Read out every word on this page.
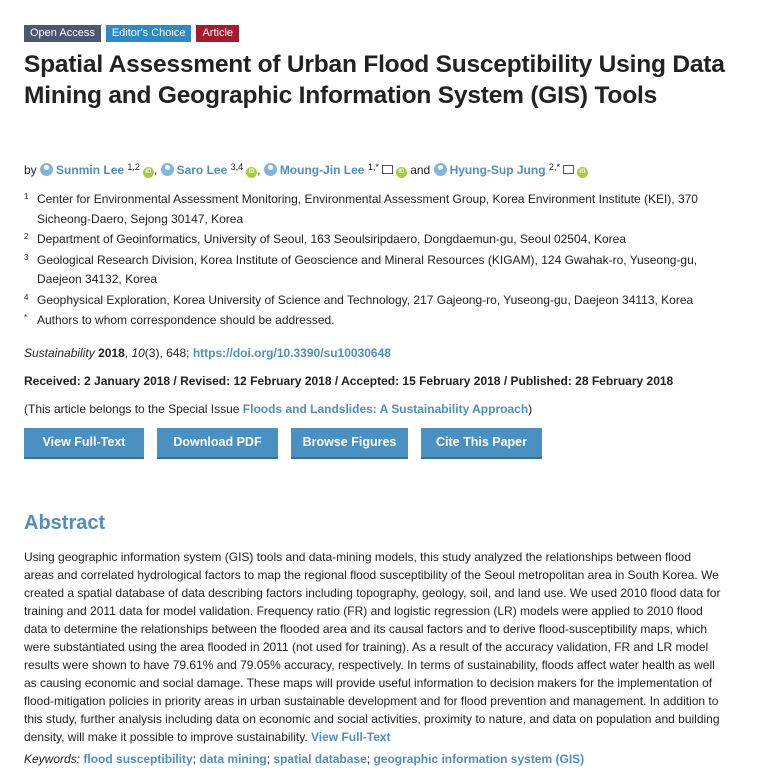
Open Access	Editor's Choice	Article
Spatial Assessment of Urban Flood Susceptibility Using Data Mining and Geographic Information System (GIS) Tools
by Sunmin Lee $^{1,2}$ iD , Saro Lee $^{3,4}$ iD , Moung-Jin Lee $^{1,*}$	iD and Hyung-Sup Jung $^{2,*}$	iD
1 Center for Environmental Assessment Monitoring, Environmental Assessment Group, Korea Environment Institute (KEI), 370 Sicheong-Daero, Sejong 30147, Korea
2 Department of Geoinformatics, University of Seoul, 163 Seoulsiripdaero, Dongdaemun-gu, Seoul 02504, Korea
3 Geological Research Division, Korea Institute of Geoscience and Mineral Resources (KIGAM), 124 Gwahak-ro, Yuseong-gu, Daejeon 34132, Korea
4 Geophysical Exploration, Korea University of Science and Technology, 217 Gajeong-ro, Yuseong-gu, Daejeon 34113, Korea
* Authors to whom correspondence should be addressed.
Sustainability 2018, 10(3), 648; https://doi.org/10.3390/su10030648
Received: 2 January 2018 / Revised: 12 February 2018 / Accepted: 15 February 2018 / Published: 28 February 2018
(This article belongs to the Special Issue Floods and Landslides: A Sustainability Approach)
View Full-Text	Download PDF	Browse Figures	Cite This Paper
Abstract
Using geographic information system (GIS) tools and data-mining models, this study analyzed the relationships between flood areas and correlated hydrological factors to map the regional flood susceptibility of the Seoul metropolitan area in South Korea. We created a spatial database of data describing factors including topography, geology, soil, and land use. We used 2010 flood data for training and 2011 data for model validation. Frequency ratio (FR) and logistic regression (LR) models were applied to 2010 flood data to determine the relationships between the flooded area and its causal factors and to derive flood-susceptibility maps, which were substantiated using the area flooded in 2011 (not used for training). As a result of the accuracy validation, FR and LR model results were shown to have 79.61% and 79.05% accuracy, respectively. In terms of sustainability, floods affect water health as well as causing economic and social damage. These maps will provide useful information to decision makers for the implementation of flood-mitigation policies in priority areas in urban sustainable development and for flood prevention and management. In addition to this study, further analysis including data on economic and social activities, proximity to nature, and data on population and building density, will make it possible to improve sustainability. View Full-Text
Keywords: flood susceptibility; data mining; spatial database; geographic information system (GIS)
